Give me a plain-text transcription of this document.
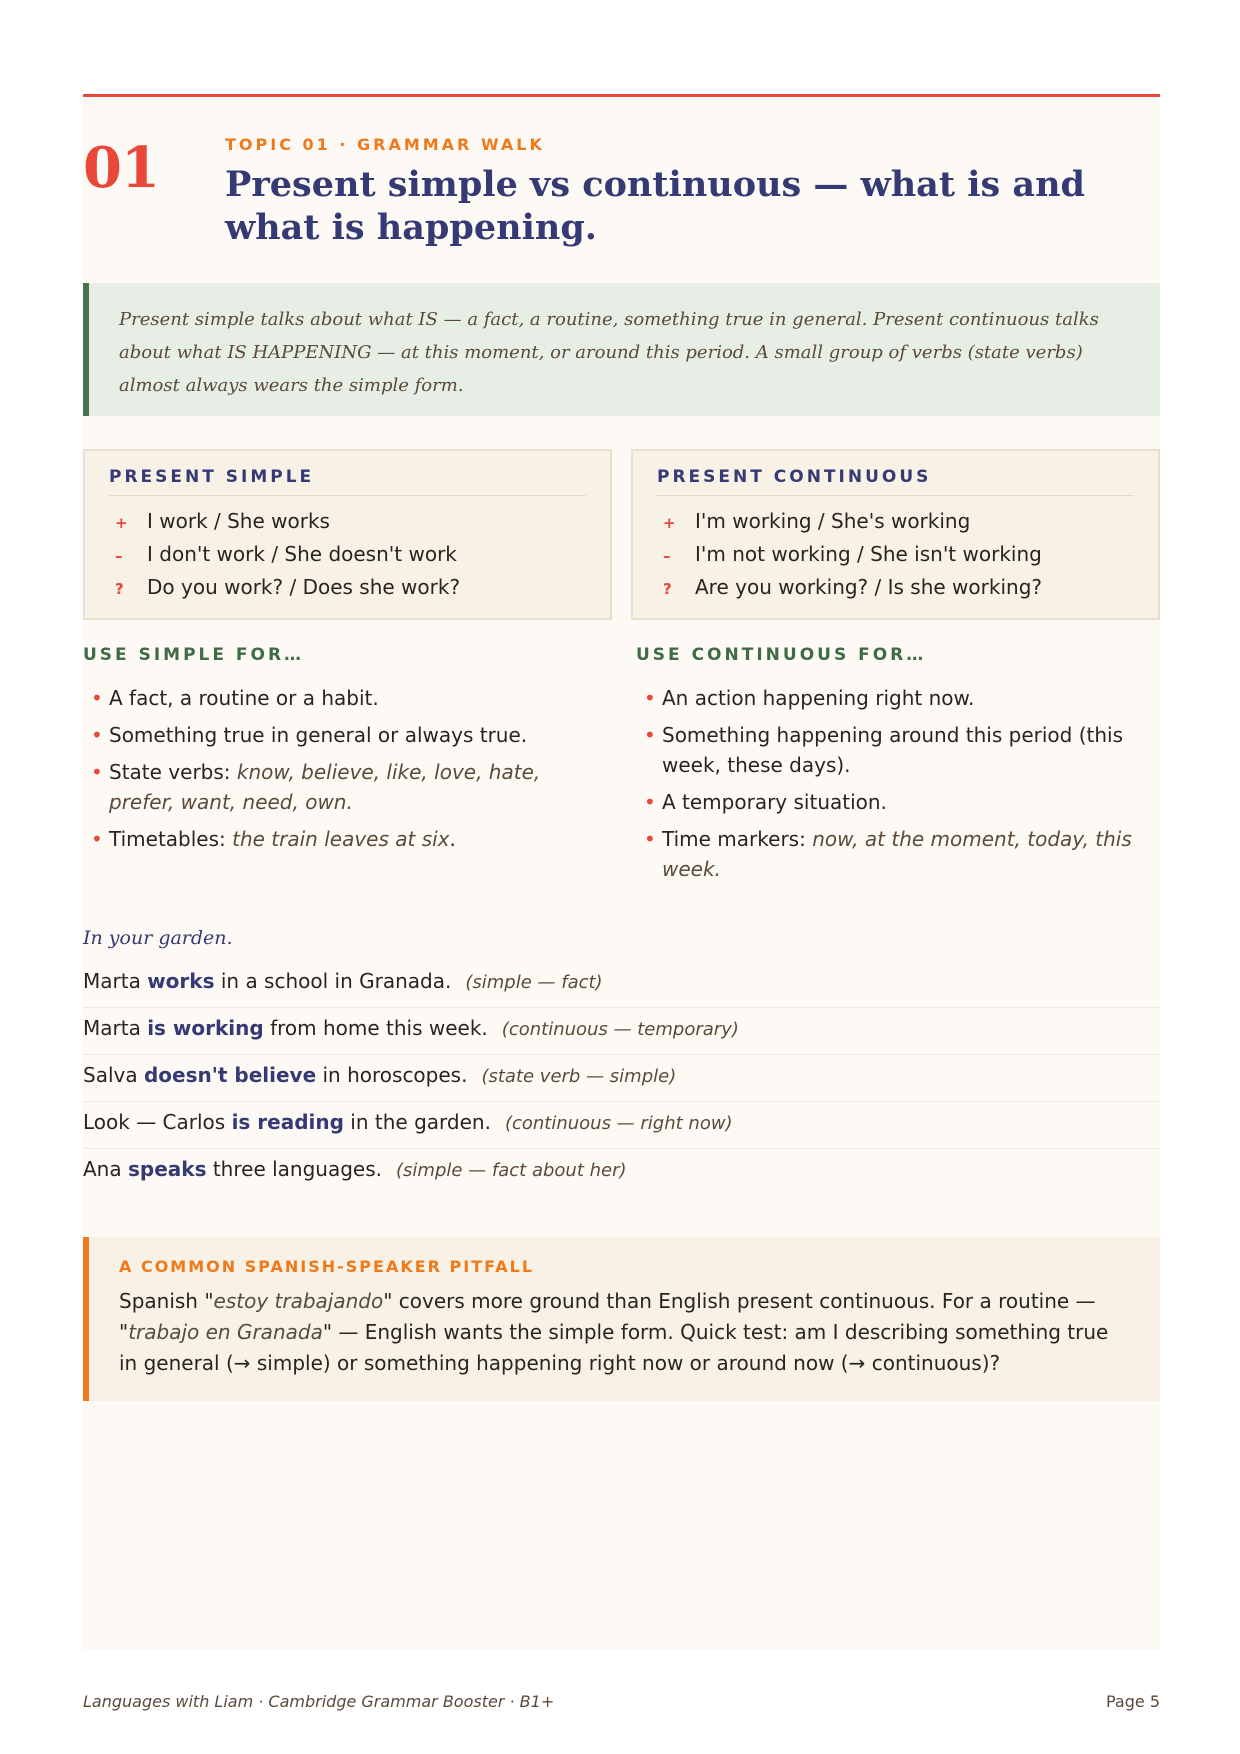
01	TOPIC 01 · GRAMMAR WALK
Present simple vs continuous — what is and what is happening.
Present simple talks about what IS — a fact, a routine, something true in general. Present continuous talks about what IS HAPPENING — at this moment, or around this period. A small group of verbs (state verbs) almost always wears the simple form.
PRESENT SIMPLE
+ I work / She works
– I don't work / She doesn't work
? Do you work? / Does she work?
PRESENT CONTINUOUS
+ I'm working / She's working
– I'm not working / She isn't working
? Are you working? / Is she working?
USE SIMPLE FOR…
• A fact, a routine or a habit.
• Something true in general or always true.
• State verbs: know, believe, like, love, hate, prefer, want, need, own.
• Timetables: the train leaves at six.
USE CONTINUOUS FOR…
• An action happening right now.
• Something happening around this period (this week, these days).
• A temporary situation.
• Time markers: now, at the moment, today, this week.
In your garden.
Marta works in a school in Granada. (simple — fact)
Marta is working from home this week. (continuous — temporary)
Salva doesn't believe in horoscopes. (state verb — simple)
Look — Carlos is reading in the garden. (continuous — right now)
Ana speaks three languages. (simple — fact about her)
A COMMON SPANISH-SPEAKER PITFALL
Spanish "estoy trabajando" covers more ground than English present continuous. For a routine — "trabajo en Granada" — English wants the simple form. Quick test: am I describing something true in general (→ simple) or something happening right now or around now (→ continuous)?
Languages with Liam · Cambridge Grammar Booster · B1+	Page 5
